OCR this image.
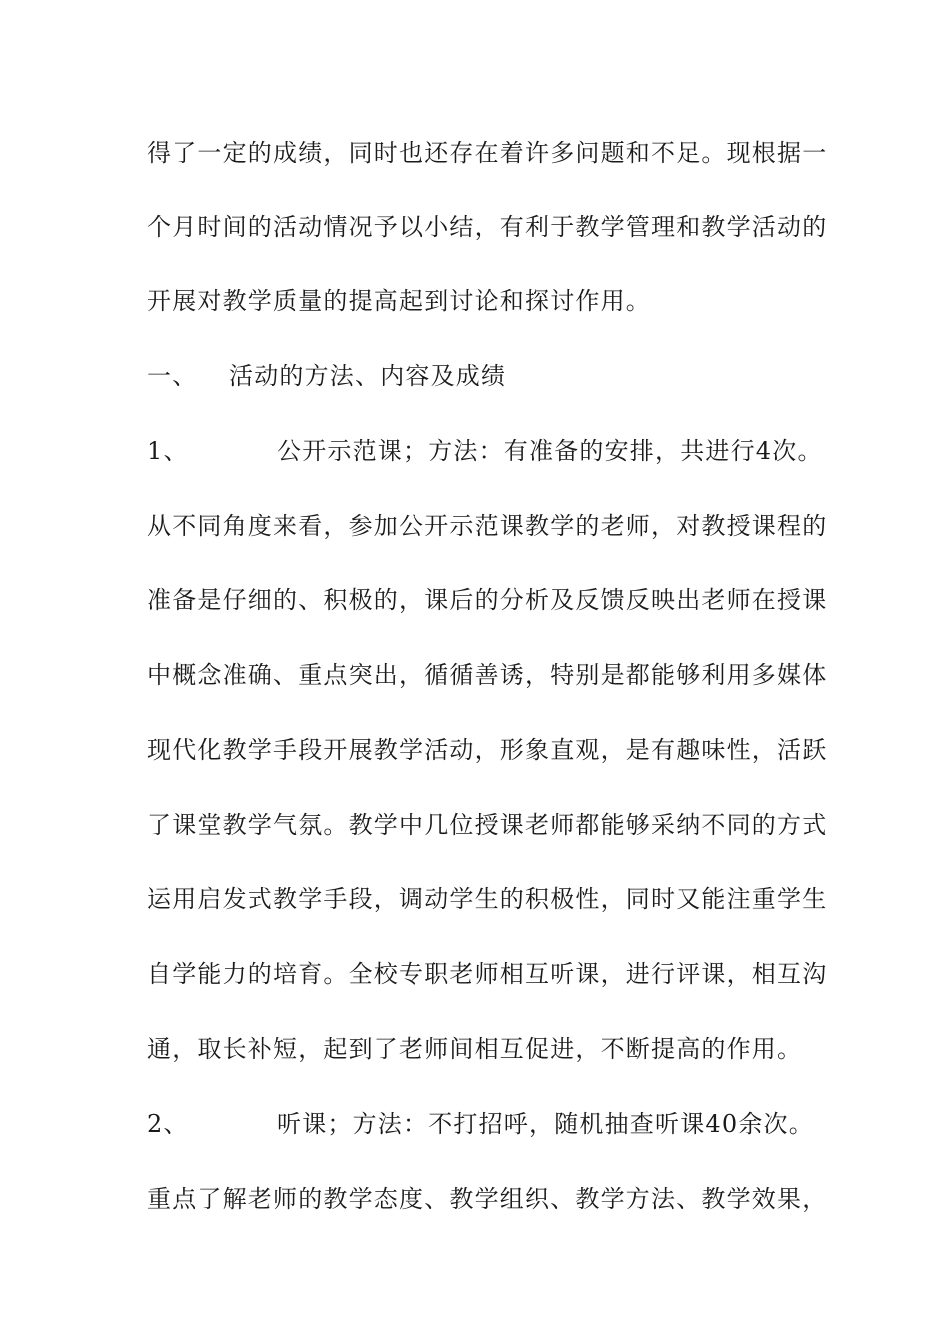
得了一定的成绩，同时也还存在着许多问题和不足。现根据一
个月时间的活动情况予以小结，有利于教学管理和教学活动的
开展对教学质量的提高起到讨论和探讨作用。
一、 活动的方法、内容及成绩
1、	公开示范课；方法：有准备的安排，共进行4次。
从不同角度来看，参加公开示范课教学的老师，对教授课程的
准备是仔细的、积极的，课后的分析及反馈反映出老师在授课
中概念准确、重点突出，循循善诱，特别是都能够利用多媒体
现代化教学手段开展教学活动，形象直观，是有趣味性，活跃
了课堂教学气氛。教学中几位授课老师都能够采纳不同的方式
运用启发式教学手段，调动学生的积极性，同时又能注重学生
自学能力的培育。全校专职老师相互听课，进行评课，相互沟
通，取长补短，起到了老师间相互促进，不断提高的作用。
2、	听课；方法：不打招呼，随机抽查听课40余次。
重点了解老师的教学态度、教学组织、教学方法、教学效果，
